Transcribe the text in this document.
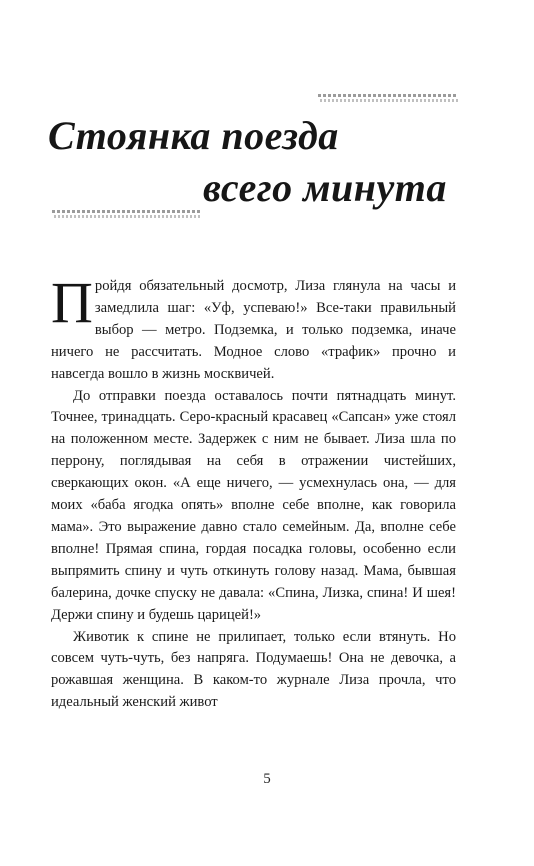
Стоянка поезда
всего минута

Пройдя обязательный досмотр, Лиза глянула на часы и замедлила шаг: «Уф, успеваю!» Все-таки правильный выбор — метро. Подземка, и только подземка, иначе ничего не рассчитать. Модное слово «трафик» прочно и навсегда вошло в жизнь москвичей.

До отправки поезда оставалось почти пятнадцать минут. Точнее, тринадцать. Серо-красный красавец «Сапсан» уже стоял на положенном месте. Задержек с ним не бывает. Лиза шла по перрону, поглядывая на себя в отражении чистейших, сверкающих окон. «А еще ничего, — усмехнулась она, — для моих «баба ягодка опять» вполне себе вполне, как говорила мама». Это выражение давно стало семейным. Да, вполне себе вполне! Прямая спина, гордая посадка головы, особенно если выпрямить спину и чуть откинуть голову назад. Мама, бывшая балерина, дочке спуску не давала: «Спина, Лизка, спина! И шея! Держи спину и будешь царицей!»

Животик к спине не прилипает, только если втянуть. Но совсем чуть-чуть, без напряга. Подумаешь! Она не девочка, а рожавшая женщина. В каком-то журнале Лиза прочла, что идеальный женский живот

5
